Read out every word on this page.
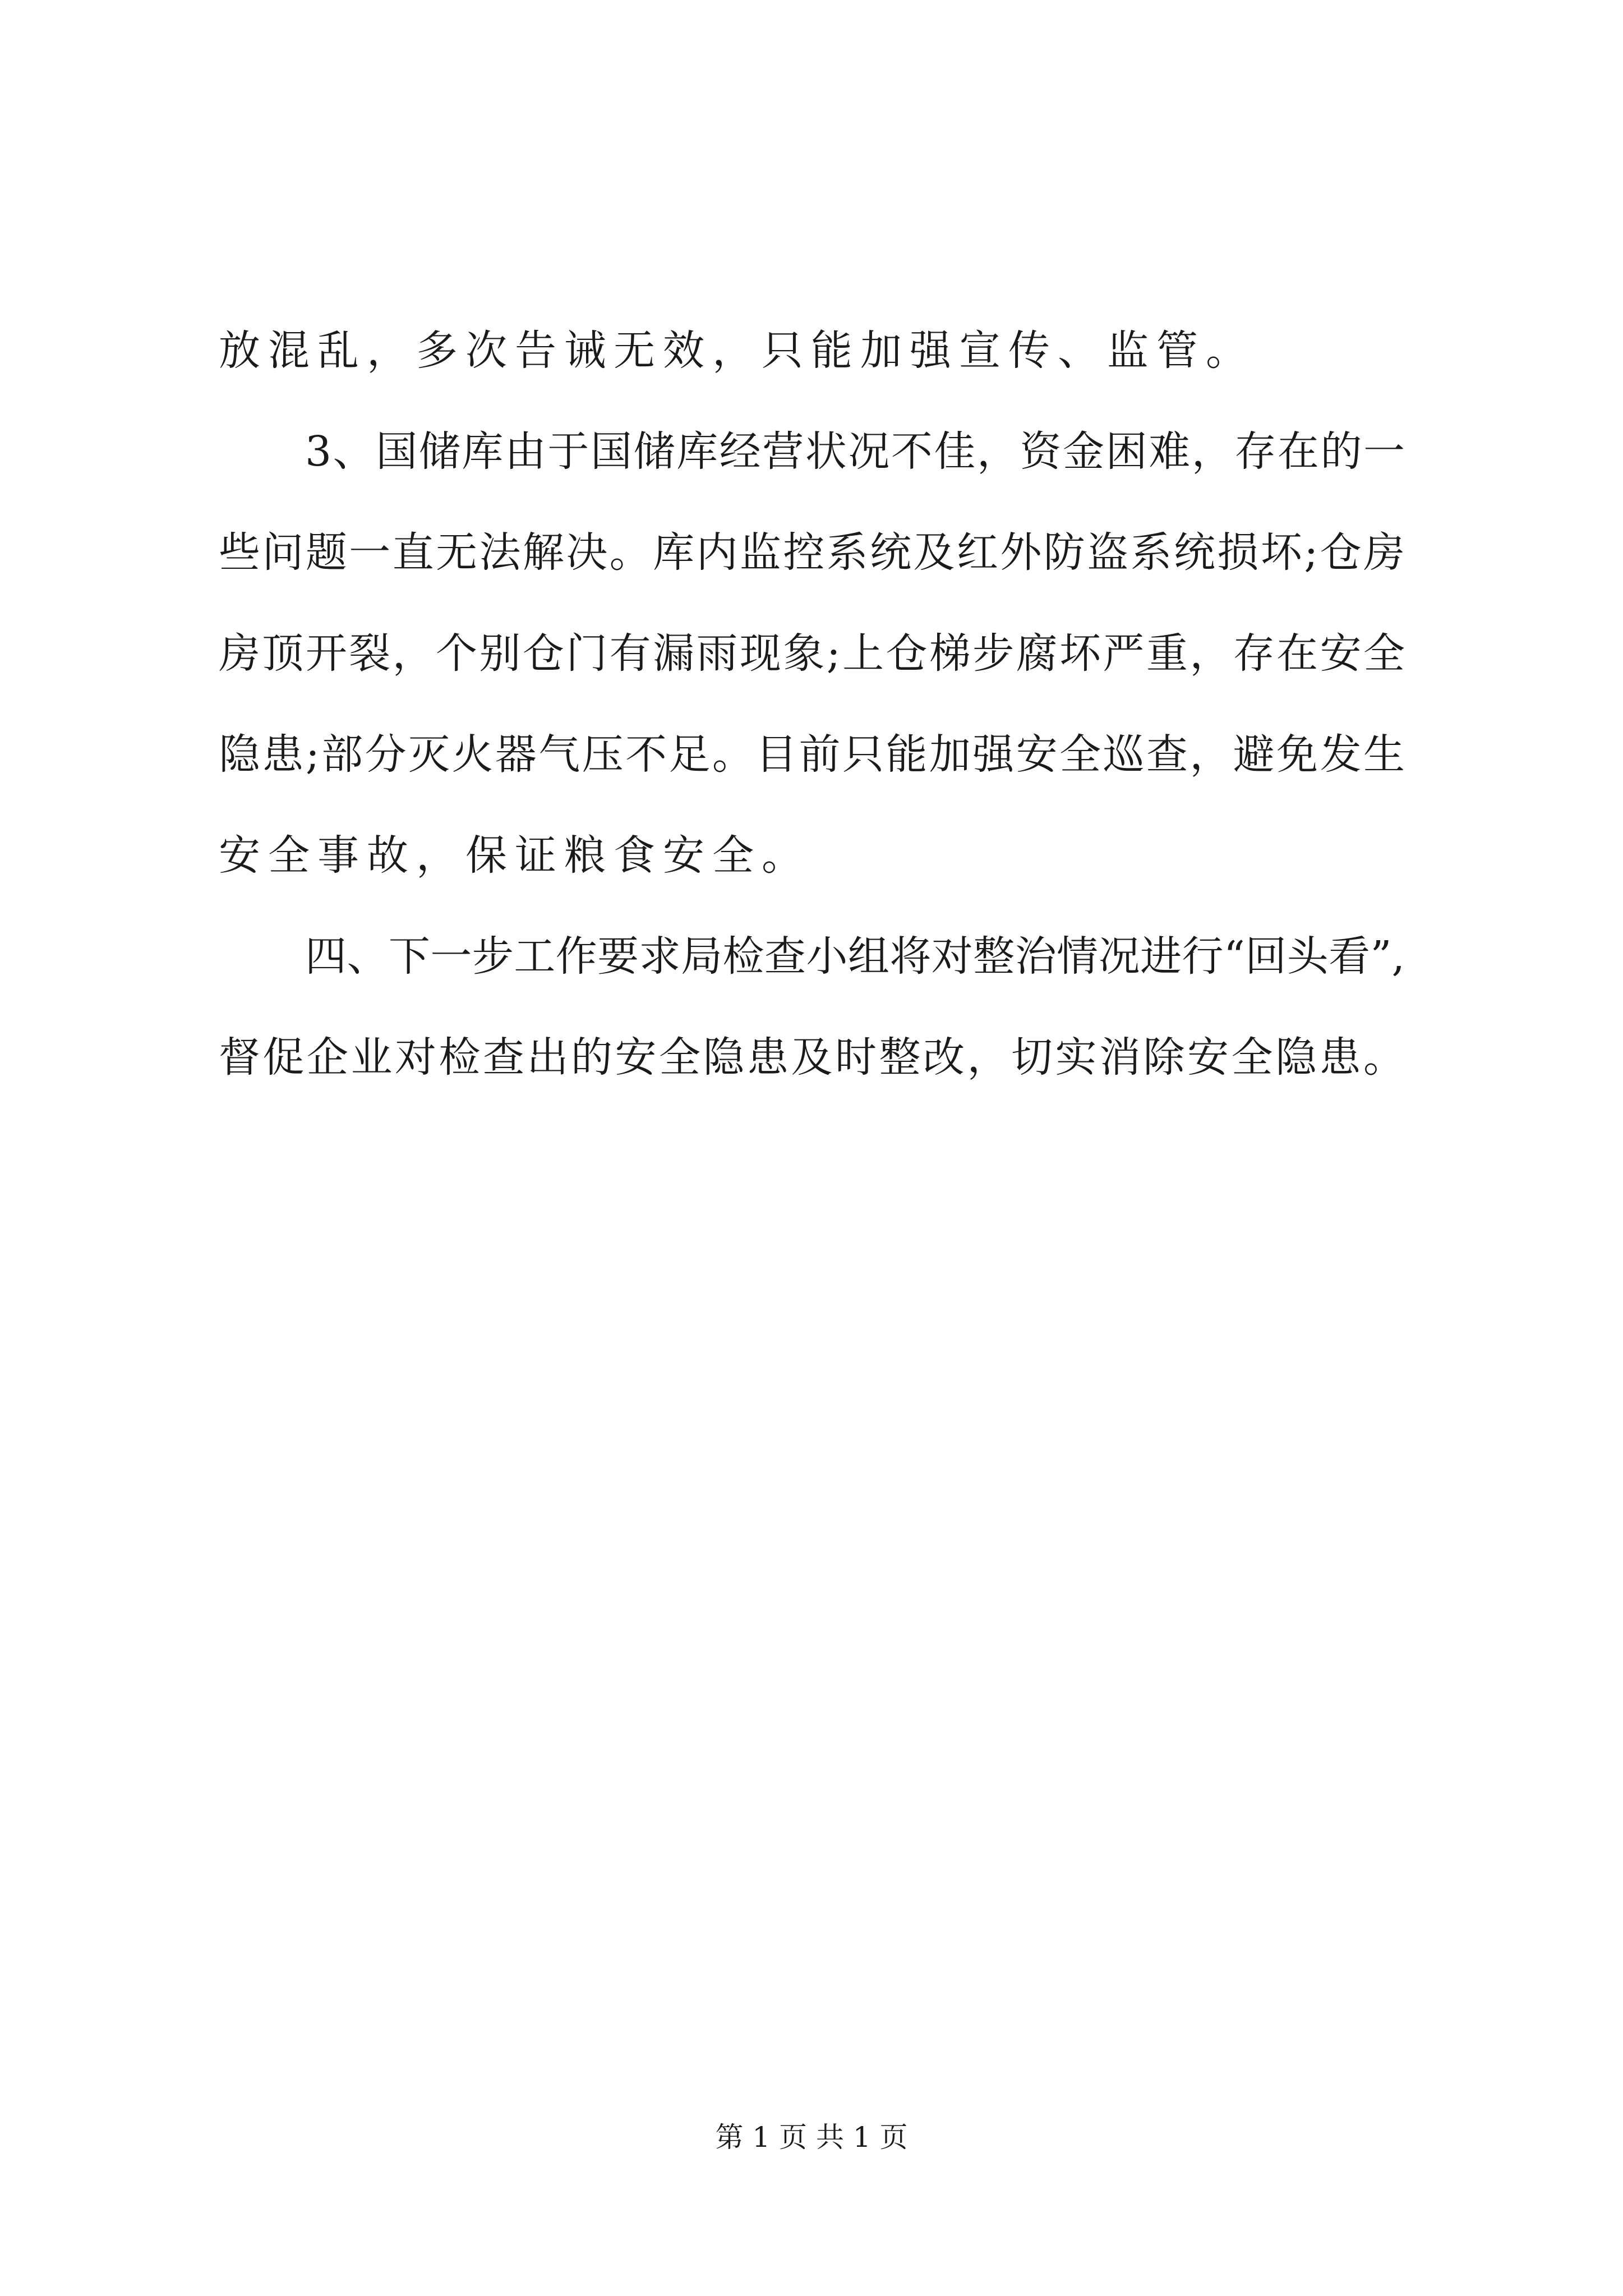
放混乱，多次告诫无效，只能加强宣传、监管。
3、国储库由于国储库经营状况不佳，资金困难，存在的一
些问题一直无法解决。库内监控系统及红外防盗系统损坏;仓房
房顶开裂，个别仓门有漏雨现象;上仓梯步腐坏严重，存在安全
隐患;部分灭火器气压不足。目前只能加强安全巡查，避免发生
安全事故，保证粮食安全。
四、下一步工作要求局检查小组将对整治情况进行“回头看”,
督促企业对检查出的安全隐患及时整改，切实消除安全隐患。
第 1 页 共 1 页
